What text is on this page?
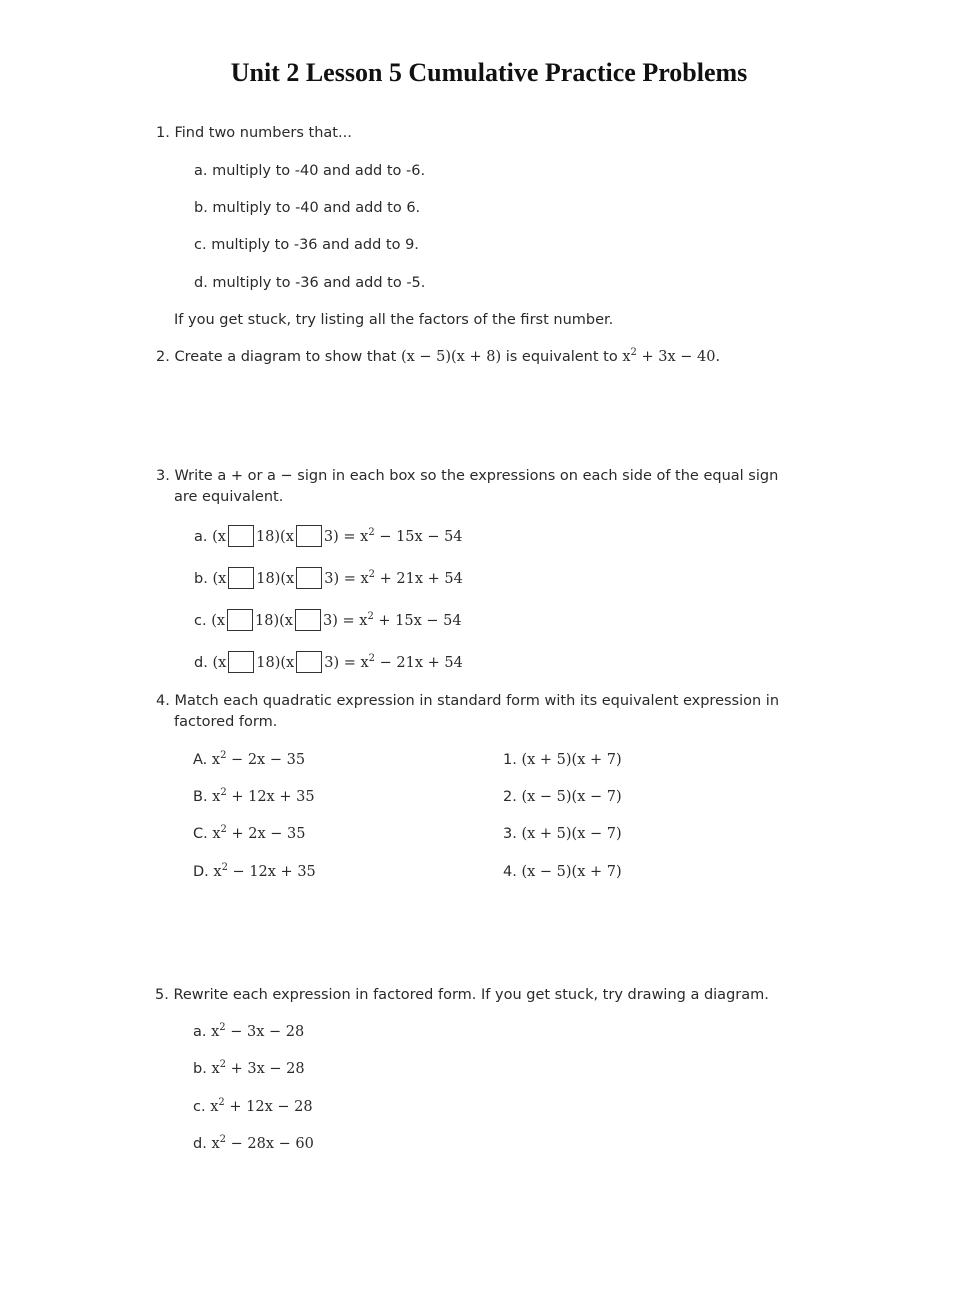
Unit 2 Lesson 5 Cumulative Practice Problems
1. Find two numbers that...
a. multiply to -40 and add to -6.
b. multiply to -40 and add to 6.
c. multiply to -36 and add to 9.
d. multiply to -36 and add to -5.
If you get stuck, try listing all the factors of the first number.
2. Create a diagram to show that (x − 5)(x + 8) is equivalent to $x^2 + 3x - 40$.
3. Write a + or a − sign in each box so the expressions on each side of the equal sign
are equivalent.
a. (x 18)(x $3) = x^2 - 15x - 54$
b. (x 18)(x $3) = x^2 + 21x + 54$
c. (x 18)(x $3) = x^2 + 15x - 54$
d. (x 18)(x $3) = x^2 - 21x + 54$
4. Match each quadratic expression in standard form with its equivalent expression in
factored form.
A. $x^2 - 2x - 35$
B. $x^2 + 12x + 35$
C. $x^2 + 2x - 35$
D. $x^2 - 12x + 35$
1. (x + 5)(x + 7)
2. (x − 5)(x − 7)
3. (x + 5)(x − 7)
4. (x − 5)(x + 7)
5. Rewrite each expression in factored form. If you get stuck, try drawing a diagram.
a. $x^2 - 3x - 28$
b. $x^2 + 3x - 28$
c. $x^2 + 12x - 28$
d. $x^2 - 28x - 60$
